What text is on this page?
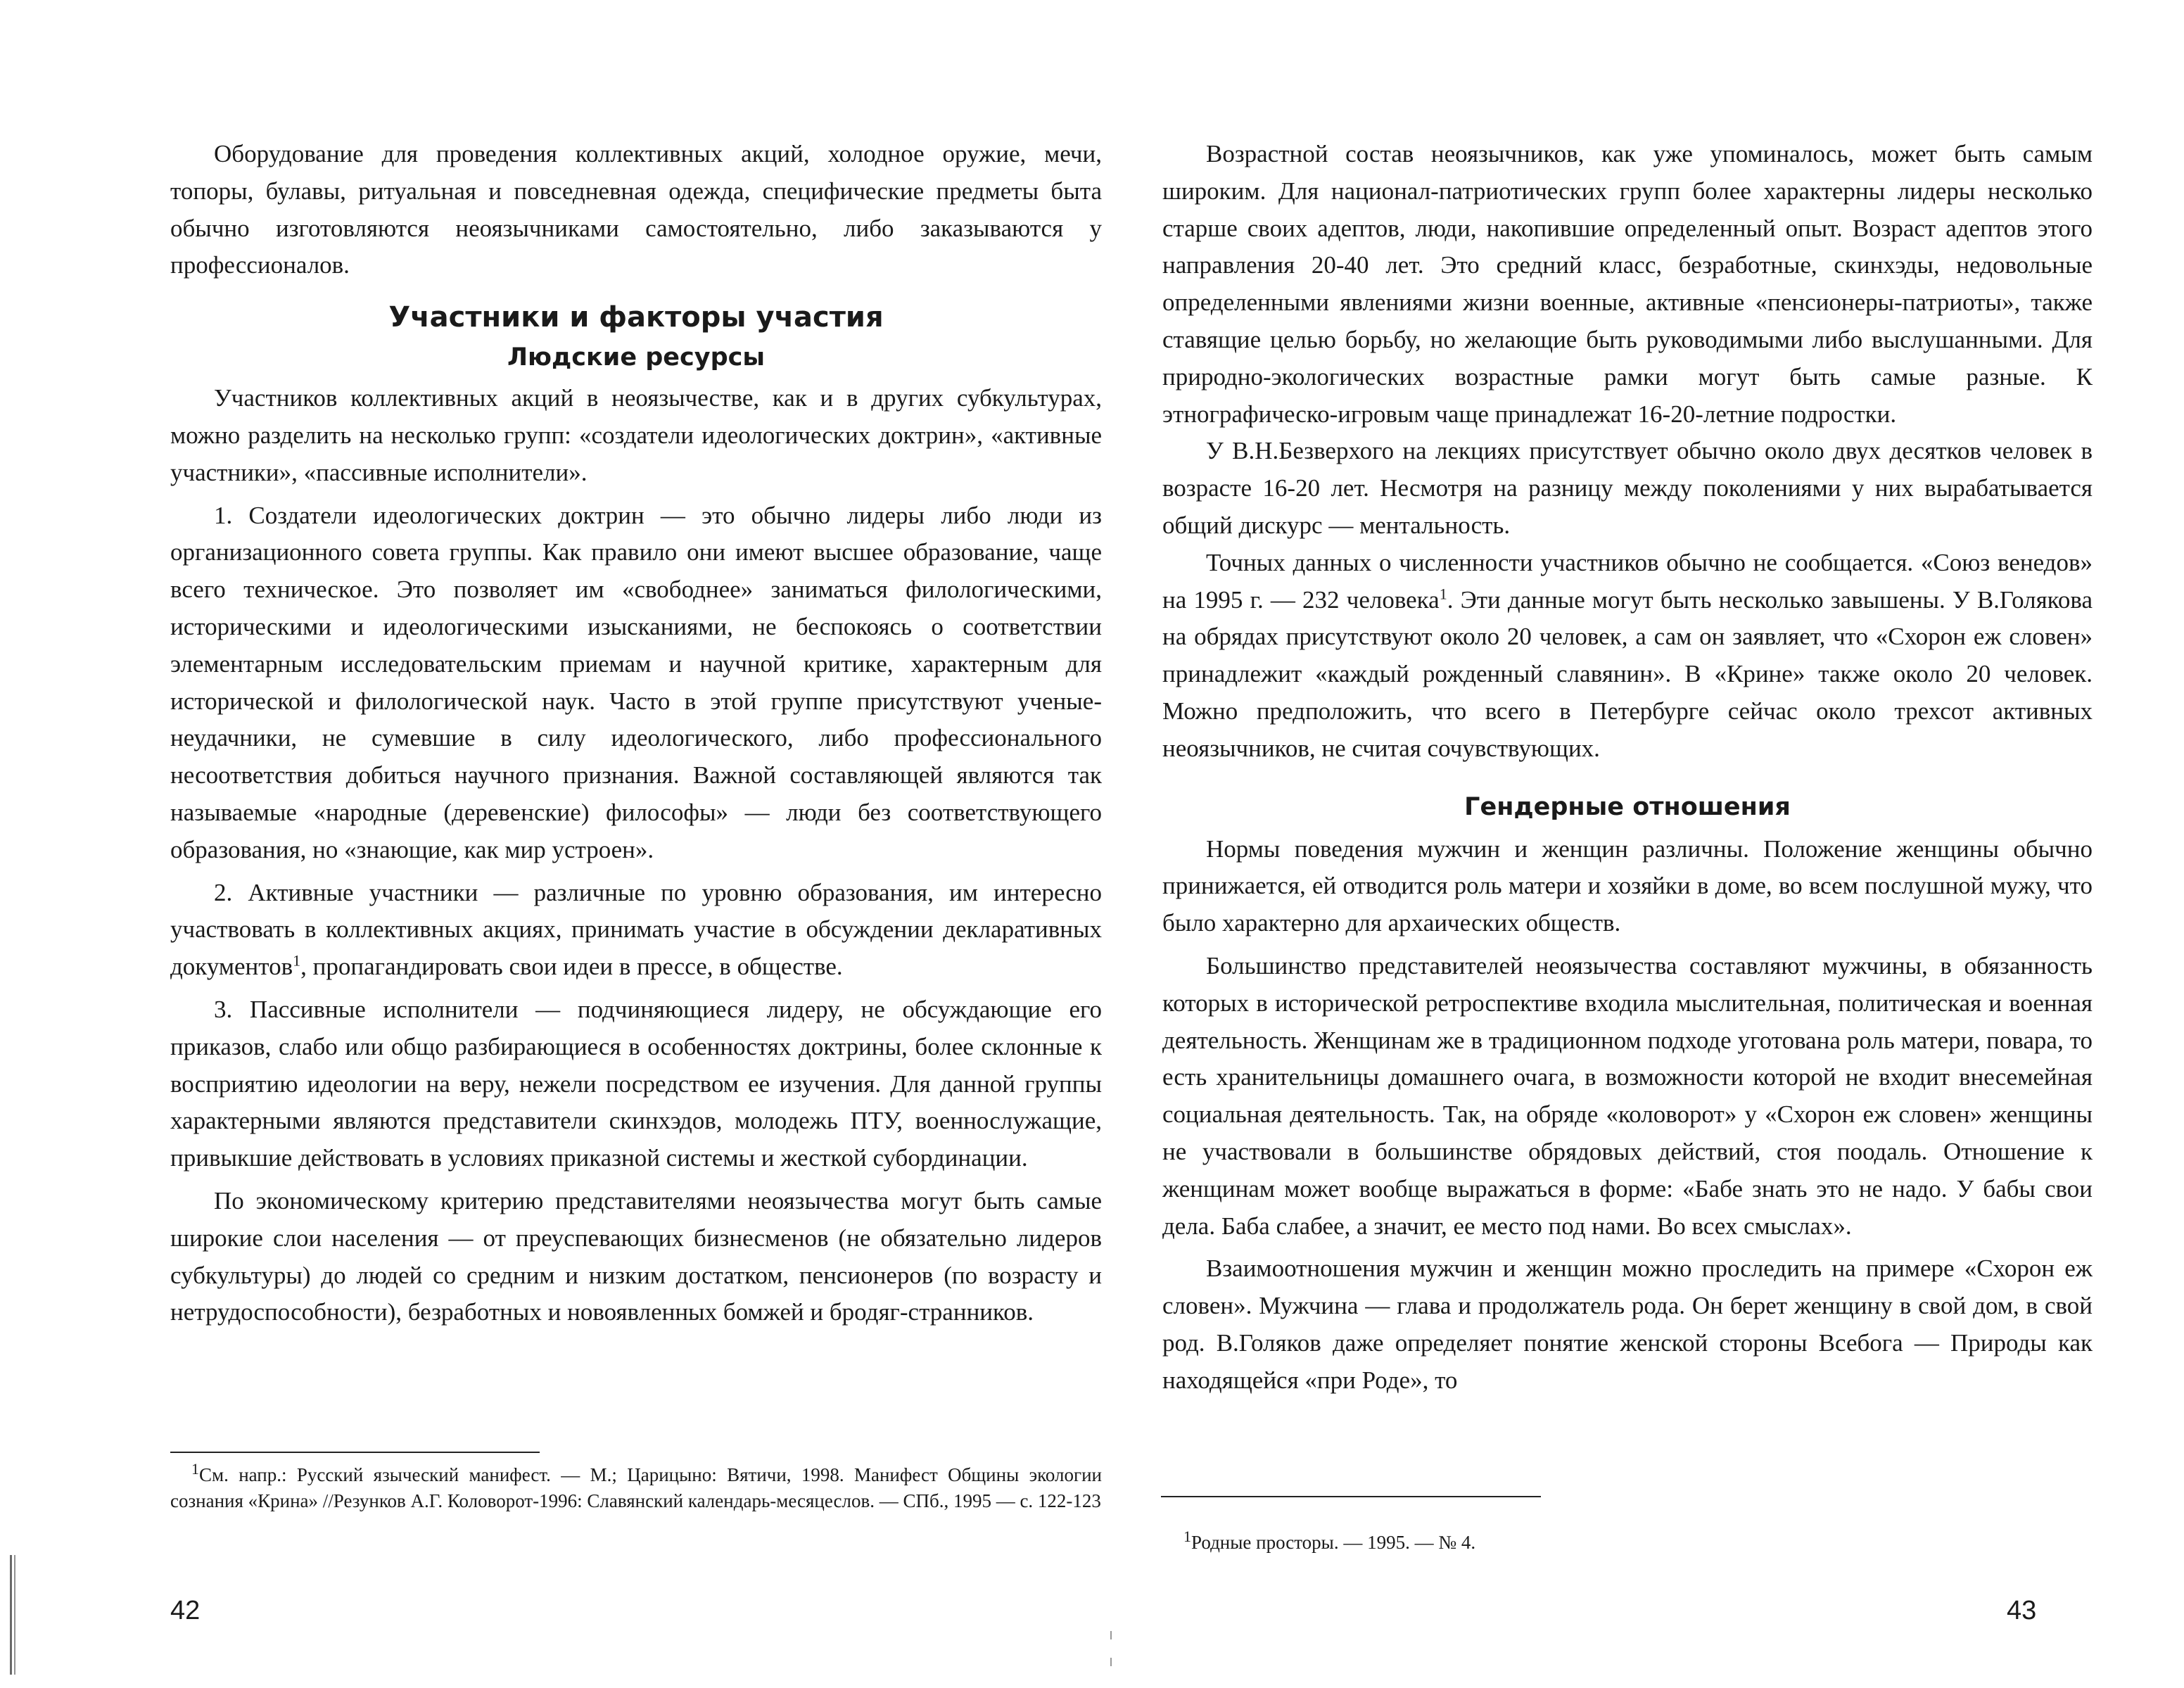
Оборудование для проведения коллективных акций, холодное оружие, мечи, топоры, булавы, ритуальная и повседневная одежда, специфические предметы быта обычно изготовляются неоязычниками самостоятельно, либо заказываются у профессионалов.

Участники и факторы участия
Людские ресурсы

Участников коллективных акций в неоязычестве, как и в других субкультурах, можно разделить на несколько групп: «создатели идеологических доктрин», «активные участники», «пассивные исполнители».

1. Создатели идеологических доктрин — это обычно лидеры либо люди из организационного совета группы. Как правило они имеют высшее образование, чаще всего техническое. Это позволяет им «свободнее» заниматься филологическими, историческими и идеологическими изысканиями, не беспокоясь о соответствии элементарным исследовательским приемам и научной критике, характерным для исторической и филологической наук. Часто в этой группе присутствуют ученые-неудачники, не сумевшие в силу идеологического, либо профессионального несоответствия добиться научного признания. Важной составляющей являются так называемые «народные (деревенские) философы» — люди без соответствующего образования, но «знающие, как мир устроен».

2. Активные участники — различные по уровню образования, им интересно участвовать в коллективных акциях, принимать участие в обсуждении декларативных документов$^1$, пропагандировать свои идеи в прессе, в обществе.

3. Пассивные исполнители — подчиняющиеся лидеру, не обсуждающие его приказов, слабо или общо разбирающиеся в особенностях доктрины, более склонные к восприятию идеологии на веру, нежели посредством ее изучения. Для данной группы характерными являются представители скинхэдов, молодежь ПТУ, военнослужащие, привыкшие действовать в условиях приказной системы и жесткой субординации.

По экономическому критерию представителями неоязычества могут быть самые широкие слои населения — от преуспевающих бизнесменов (не обязательно лидеров субкультуры) до людей со средним и низким достатком, пенсионеров (по возрасту и нетрудоспособности), безработных и новоявленных бомжей и бродяг-странников.

$^1$См. напр.: Русский языческий манифест. — М.; Царицыно: Вятичи, 1998. Манифест Общины экологии сознания «Крина» //Резунков А.Г. Коловорот-1996: Славянский календарь-месяцеслов. — СПб., 1995 — с. 122-123

42

Возрастной состав неоязычников, как уже упоминалось, может быть самым широким. Для национал-патриотических групп более характерны лидеры несколько старше своих адептов, люди, накопившие определенный опыт. Возраст адептов этого направления 20-40 лет. Это средний класс, безработные, скинхэды, недовольные определенными явлениями жизни военные, активные «пенсионеры-патриоты», также ставящие целью борьбу, но желающие быть руководимыми либо выслушанными. Для природно-экологических возрастные рамки могут быть самые разные. К этнографическо-игровым чаще принадлежат 16-20-летние подростки.

У В.Н.Безверхого на лекциях присутствует обычно около двух десятков человек в возрасте 16-20 лет. Несмотря на разницу между поколениями у них вырабатывается общий дискурс — ментальность.

Точных данных о численности участников обычно не сообщается. «Союз венедов» на 1995 г. — 232 человека$^1$. Эти данные могут быть несколько завышены. У В.Голякова на обрядах присутствуют около 20 человек, а сам он заявляет, что «Схорон еж словен» принадлежит «каждый рожденный славянин». В «Крине» также около 20 человек. Можно предположить, что всего в Петербурге сейчас около трехсот активных неоязычников, не считая сочувствующих.

Гендерные отношения

Нормы поведения мужчин и женщин различны. Положение женщины обычно принижается, ей отводится роль матери и хозяйки в доме, во всем послушной мужу, что было характерно для архаических обществ.

Большинство представителей неоязычества составляют мужчины, в обязанность которых в исторической ретроспективе входила мыслительная, политическая и военная деятельность. Женщинам же в традиционном подходе уготована роль матери, повара, то есть хранительницы домашнего очага, в возможности которой не входит внесемейная социальная деятельность. Так, на обряде «коловорот» у «Схорон еж словен» женщины не участвовали в большинстве обрядовых действий, стоя поодаль. Отношение к женщинам может вообще выражаться в форме: «Бабе знать это не надо. У бабы свои дела. Баба слабее, а значит, ее место под нами. Во всех смыслах».

Взаимоотношения мужчин и женщин можно проследить на примере «Схорон еж словен». Мужчина — глава и продолжатель рода. Он берет женщину в свой дом, в свой род. В.Голяков даже определяет понятие женской стороны Всебога — Природы как находящейся «при Роде», то

$^1$Родные просторы. — 1995. — № 4.

43
